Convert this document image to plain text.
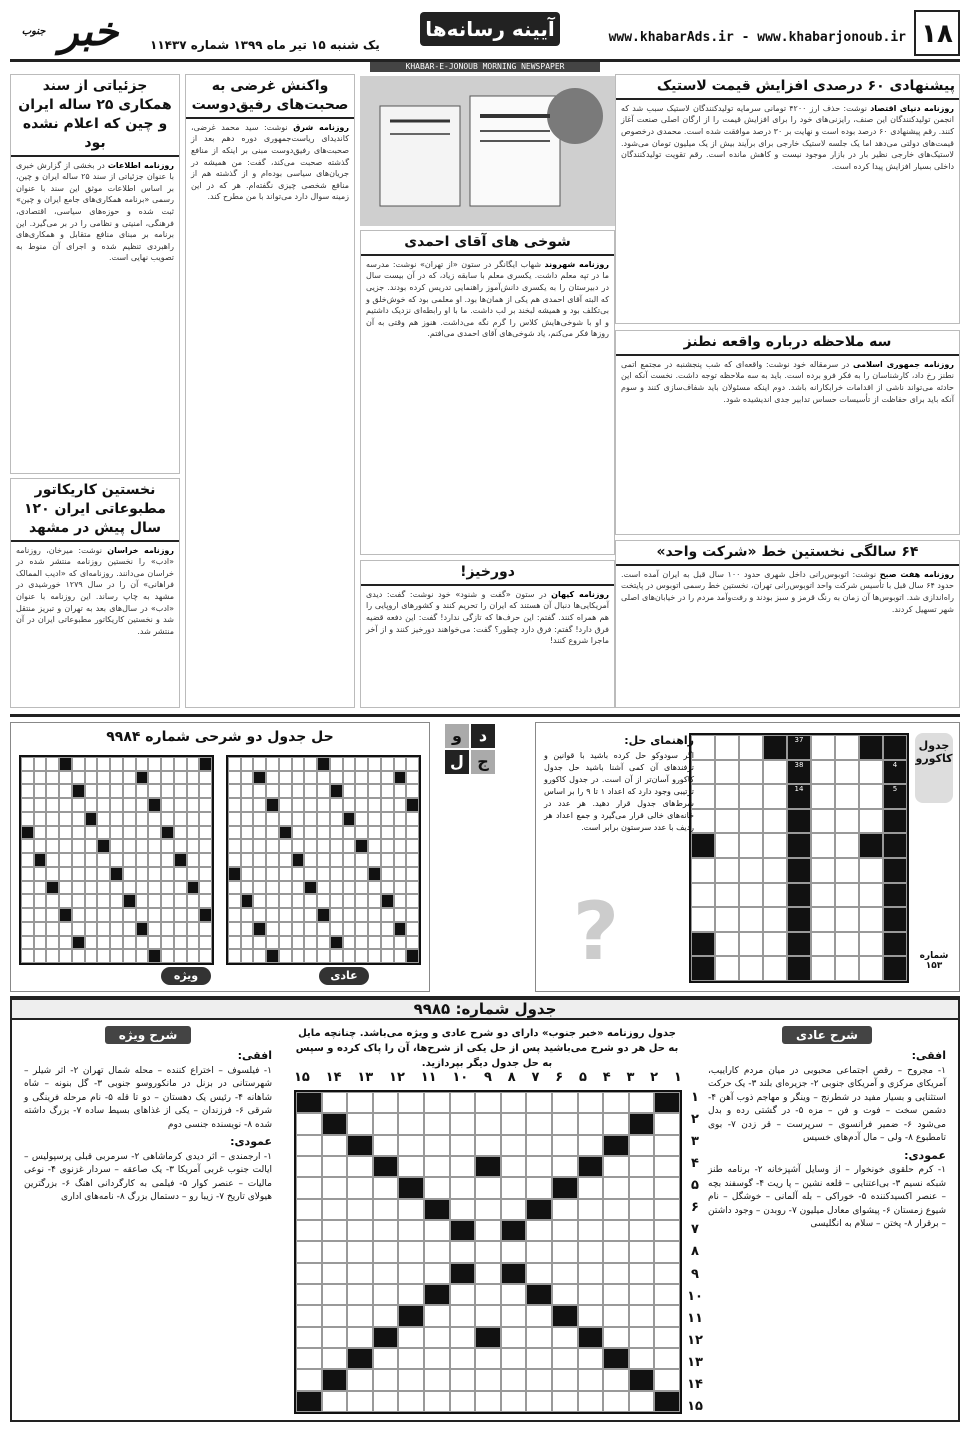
۱۸
www.khabarAds.ir - www.khabarjonoub.ir
آیینه رسانه‌ها
یک شنبه ۱۵ تیر ماه ۱۳۹۹ شماره ۱۱۴۳۷
خبر $^{جنوب}$
KHABAR-E-JONOUB MORNING NEWSPAPER
پیشنهادی ۶۰ درصدی افزایش قیمت لاستیک
روزنامه دنیای اقتصاد نوشت: حذف ارز ۴۲۰۰ تومانی سرمایه تولیدکنندگان لاستیک سبب شد که انجمن تولیدکنندگان این صنف، رایزنی‌های خود را برای افزایش قیمت را از ارگان اصلی صنعت آغاز کنند. رقم پیشنهادی ۶۰ درصد بوده است و نهایت بر ۳۰ درصد موافقت شده است. محمدی درخصوص قیمت‌های دولتی می‌دهد اما یک جلسه لاستیک خارجی برای برآیند بیش از یک میلیون تومان می‌شود. لاستیک‌های خارجی نظیر بار در بازار موجود نیست و کاهش مانده است. رقم تقویت تولیدکنندگان داخلی بسیار افزایش پیدا کرده است.
سه ملاحظه درباره واقعه نطنز
روزنامه جمهوری اسلامی در سرمقاله خود نوشت: واقعه‌ای که شب پنجشنبه در مجتمع اتمی نطنز رخ داد، کارشناسان را به فکر فرو برده است. باید به سه ملاحظه توجه داشت. نخست آنکه این حادثه می‌تواند ناشی از اقدامات خرابکارانه باشد. دوم اینکه مسئولان باید شفاف‌سازی کنند و سوم آنکه باید برای حفاظت از تأسیسات حساس تدابیر جدی اندیشیده شود.
۶۴ سالگی نخستین خط «شرکت واحد»
روزنامه هفت صبح نوشت: اتوبوس‌رانی داخل شهری حدود ۱۰۰ سال قبل به ایران آمده است. حدود ۶۴ سال قبل با تأسیس شرکت واحد اتوبوس‌رانی تهران، نخستین خط رسمی اتوبوس در پایتخت راه‌اندازی شد. اتوبوس‌ها آن زمان به رنگ قرمز و سبز بودند و رفت‌وآمد مردم را در خیابان‌های اصلی شهر تسهیل کردند.
شوخی های آقای احمدی
روزنامه شهروند شهاب ایگانگر در ستون «از تهران» نوشت: مدرسه ما در تپه معلم داشت. یکسری معلم با سابقه زیاد، که در آن بیست سال در دبیرستان را به یکسری دانش‌آموز راهنمایی تدریس کرده بودند. جزیی که البته آقای احمدی هم یکی از همان‌ها بود. او معلمی بود که خوش‌خلق و بی‌تکلف بود و همیشه لبخند بر لب داشت. ما با او رابطه‌ای نزدیک داشتیم و او با شوخی‌هایش کلاس را گرم نگه می‌داشت. هنوز هم وقتی به آن روزها فکر می‌کنم، یاد شوخی‌های آقای احمدی می‌افتم.
دورخیز!
روزنامه کیهان در ستون «گفت و شنود» خود نوشت: گفت: دیدی آمریکایی‌ها دنبال آن هستند که ایران را تحریم کنند و کشورهای اروپایی را هم همراه کنند. گفتم: این حرف‌ها که تازگی ندارد! گفت: این دفعه قضیه فرق دارد! گفتم: فرق دارد چطور؟ گفت: می‌خواهند دورخیز کنند و از آخر ماجرا شروع کنند!
واکنش غرضی به صحبت‌های رفیق‌دوست
روزنامه شرق نوشت: سید محمد غرضی، کاندیدای ریاست‌جمهوری دوره دهم بعد از صحبت‌های رفیق‌دوست مبنی بر اینکه از منافع گذشته صحبت می‌کند، گفت: من همیشه در جریان‌های سیاسی بوده‌ام و از گذشته هم از منافع شخصی چیزی نگفته‌ام. هر که در این زمینه سوال دارد می‌تواند با من مطرح کند.
جزئیاتی از سند همکاری ۲۵ ساله ایران و چین که اعلام نشده بود
روزنامه اطلاعات در بخشی از گزارش خبری با عنوان جزئیاتی از سند ۲۵ ساله ایران و چین، بر اساس اطلاعات موثق این سند با عنوان رسمی «برنامه همکاری‌های جامع ایران و چین» ثبت شده و حوزه‌های سیاسی، اقتصادی، فرهنگی، امنیتی و نظامی را در بر می‌گیرد. این برنامه بر مبنای منافع متقابل و همکاری‌های راهبردی تنظیم شده و اجرای آن منوط به تصویب نهایی است.
نخستین کاریکاتور مطبوعاتی ایران ۱۲۰ سال پیش در مشهد
روزنامه خراسان نوشت: میرخان، روزنامه «ادب» را نخستین روزنامه منتشر شده در خراسان می‌دانند. روزنامه‌ای که «ادیب الممالک فراهانی» آن را در سال ۱۲۷۹ خورشیدی در مشهد به چاپ رساند. این روزنامه با عنوان «ادب» در سال‌های بعد به تهران و تبریز منتقل شد و نخستین کاریکاتور مطبوعاتی ایران در آن منتشر شد.
جدول کاکورو
شماره ۱۵۳
37
4
38
5
14
راهنمای حل:
اگر سودوکو حل کرده باشید با قوانین و ترفندهای آن کمی آشنا باشید حل جدول کاکورو آسان‌تر از آن است. در جدول کاکورو ترتیبی وجود دارد که اعداد ۱ تا ۹ را بر اساس شرط‌های جدول قرار دهید. هر عدد در خانه‌های خالی قرار می‌گیرد و جمع اعداد هر ردیف با عدد سرستون برابر است.
?
د
و
ج
ل
حل جدول دو شرحی شماره ۹۹۸۴
ویژه	عادی
جدول شماره: ۹۹۸۵
جدول روزنامه «خبر جنوب» دارای دو شرح عادی و ویژه می‌باشد. چنانچه مایل به حل هر دو شرح می‌باشید پس از حل یکی از شرح‌ها، آن را پاک کرده و سپس به حل جدول دیگر بپردازید.
۱۵ ۱۴ ۱۳ ۱۲ ۱۱ ۱۰ ۹ ۸ ۷ ۶ ۵ ۴ ۳ ۲ ۱
۱
۲
۳
۴
۵
۶
۷
۸
۹
۱۰
۱۱
۱۲
۱۳
۱۴
۱۵
شرح عادی
افقی:
۱- مجروح – رقص اجتماعی محبوبی در میان مردم کاراییب، آمریکای مرکزی و آمریکای جنوبی ۲- جزیره‌ای بلند ۳- یک حرکت استثنایی و بسیار مفید در شطرنج – وینگر و مهاجم ذوب آهن ۴- دشمن سخت – فوت و فن – مزه ۵- در گشتی رده و بدل می‌شود ۶- ضمیر فرانسوی – سرپرست – قر زدن ۷- بوی تامطبوع ۸- ولی – مال آدم‌های خسیس
عمودی:
۱- کرم حلقوی خونخوار – از وسایل آشپزخانه ۲- برنامه طنز شبکه نسیم ۳- بی‌اعتنایی – قلعه نشین – پا ریت ۴- گوسفند بچه – عنصر اکسیدکننده ۵- خوراکی – بله آلمانی – خوشگل – نام شیوع زمستان ۶- پیشوای معادل میلیون ۷- روبدن – وجود داشتن – برقرار ۸- پختن – سلام به انگلیسی
شرح ویژه
افقی:
۱- فیلسوف – اختراع کننده – محله شمال تهران ۲- اثر شیلر – شهرستانی در بزنل در مانکوروسو جنوبی ۳- گل بنونه – شاه شاهانه ۴- رئیس یک دهستان – دو تا قله ۵- نام مرحله فرینگی و شرقی ۶- فرزندان – یکی از غذاهای بسیط ساده ۷- بزرگ داشته شده ۸- نویسنده جنسی دوم
عمودی:
۱- ارجمندی – اثر دیدی کرماشاهی ۲- سرمربی قبلی پرسپولیس – ایالت جنوب غربی آمریکا ۳- یک صاعقه – سردار غزنوی ۴- نوعی مالیات – عنصر کوار ۵- فیلمی به کارگردانی اهنگ ۶- بزرگترین هیولای تاریخ ۷- زیبا رو – دستمال بزرگ ۸- نامه‌های اداری
